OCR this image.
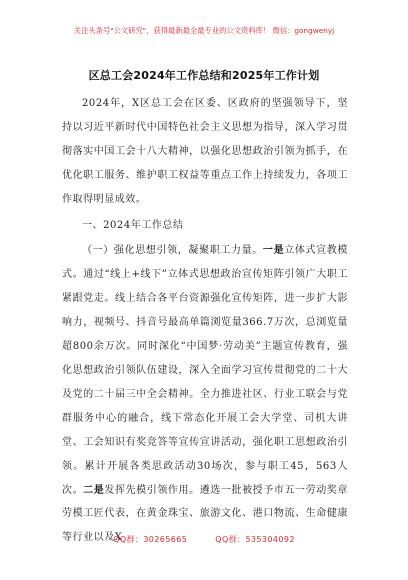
关注头条号"公文研究"，获得最新最全最专业的公文资料库！ 微信：gongwenyj
区总工会2024年工作总结和2025年工作计划

2024年，X区总工会在区委、区政府的坚强领导下，坚持以习近平新时代中国特色社会主义思想为指导，深入学习贯彻落实中国工会十八大精神，以强化思想政治引领为抓手，在优化职工服务、维护职工权益等重点工作上持续发力，各项工作取得明显成效。

一、2024年工作总结

（一）强化思想引领，凝聚职工力量。一是立体式宣教模式。通过“线上+线下”立体式思想政治宣传矩阵引领广大职工紧跟党走。线上结合各平台资源强化宣传矩阵，进一步扩大影响力，视频号、抖音号最高单篇浏览量366.7万次，总浏览量超800余万次。同时深化“中国梦·劳动美”主题宣传教育，强化思想政治引领队伍建设，深入全面学习宣传贯彻党的二十大及党的二十届三中全会精神。全力推进社区、行业工联会与党群服务中心的融合，线下常态化开展工会大学堂、司机大讲堂、工会知识有奖竞答等宣传宣讲活动，强化职工思想政治引领。累计开展各类思政活动30场次，参与职工45，563人次。二是发挥先模引领作用。遴选一批被授予市五一劳动奖章劳模工匠代表，在黄金珠宝、旅游文化、港口物流、生命健康等行业以及X

QQ群：30265665	QQ群：535304092
